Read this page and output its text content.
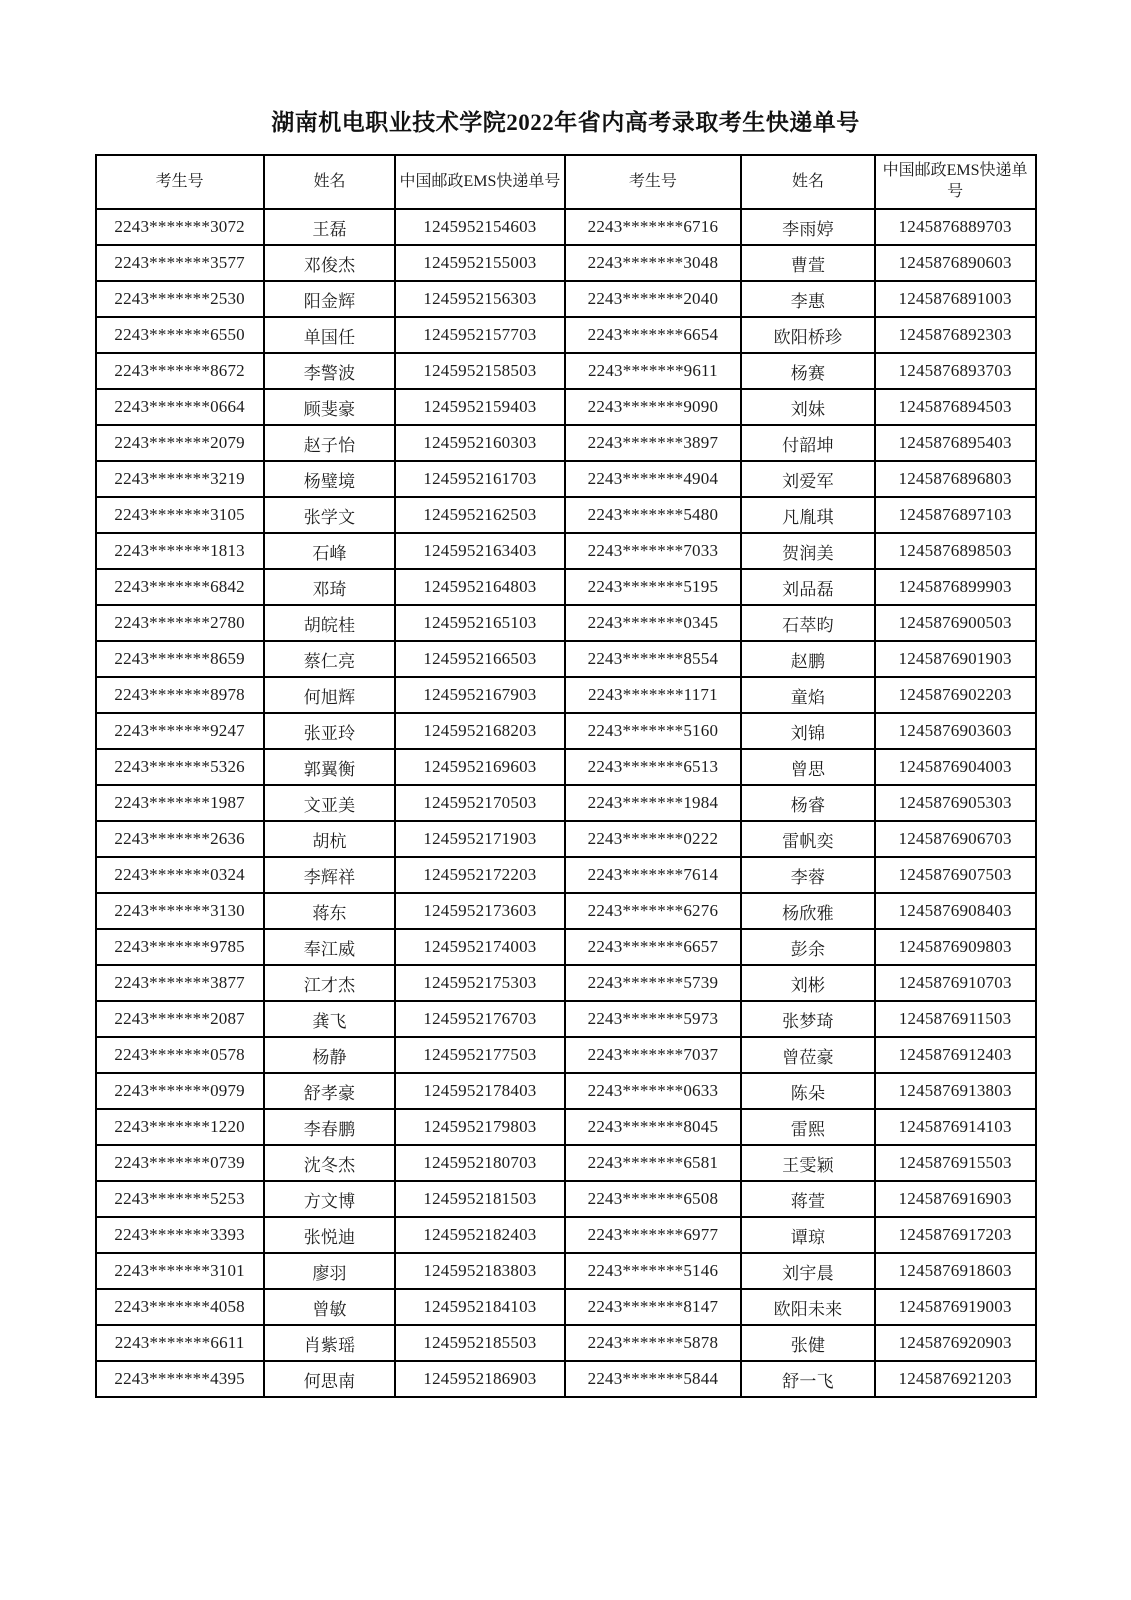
湖南机电职业技术学院2022年省内高考录取考生快递单号
考生号	姓名	中国邮政EMS快递单号	考生号	姓名	中国邮政EMS快递单号
2243*******3072	王磊	1245952154603	2243*******6716	李雨婷	1245876889703
2243*******3577	邓俊杰	1245952155003	2243*******3048	曹萱	1245876890603
2243*******2530	阳金辉	1245952156303	2243*******2040	李惠	1245876891003
2243*******6550	单国任	1245952157703	2243*******6654	欧阳桥珍	1245876892303
2243*******8672	李警波	1245952158503	2243*******9611	杨赛	1245876893703
2243*******0664	顾斐豪	1245952159403	2243*******9090	刘妹	1245876894503
2243*******2079	赵子怡	1245952160303	2243*******3897	付韶坤	1245876895403
2243*******3219	杨璧境	1245952161703	2243*******4904	刘爱军	1245876896803
2243*******3105	张学文	1245952162503	2243*******5480	凡胤琪	1245876897103
2243*******1813	石峰	1245952163403	2243*******7033	贺润美	1245876898503
2243*******6842	邓琦	1245952164803	2243*******5195	刘品磊	1245876899903
2243*******2780	胡皖桂	1245952165103	2243*******0345	石萃昀	1245876900503
2243*******8659	蔡仁亮	1245952166503	2243*******8554	赵鹏	1245876901903
2243*******8978	何旭辉	1245952167903	2243*******1171	童焰	1245876902203
2243*******9247	张亚玲	1245952168203	2243*******5160	刘锦	1245876903603
2243*******5326	郭翼衡	1245952169603	2243*******6513	曾思	1245876904003
2243*******1987	文亚美	1245952170503	2243*******1984	杨睿	1245876905303
2243*******2636	胡杭	1245952171903	2243*******0222	雷帆奕	1245876906703
2243*******0324	李辉祥	1245952172203	2243*******7614	李蓉	1245876907503
2243*******3130	蒋东	1245952173603	2243*******6276	杨欣雅	1245876908403
2243*******9785	奉江威	1245952174003	2243*******6657	彭余	1245876909803
2243*******3877	江才杰	1245952175303	2243*******5739	刘彬	1245876910703
2243*******2087	龚飞	1245952176703	2243*******5973	张梦琦	1245876911503
2243*******0578	杨静	1245952177503	2243*******7037	曾莅豪	1245876912403
2243*******0979	舒孝豪	1245952178403	2243*******0633	陈朵	1245876913803
2243*******1220	李春鹏	1245952179803	2243*******8045	雷熙	1245876914103
2243*******0739	沈冬杰	1245952180703	2243*******6581	王雯颖	1245876915503
2243*******5253	方文博	1245952181503	2243*******6508	蒋萱	1245876916903
2243*******3393	张悦迪	1245952182403	2243*******6977	谭琼	1245876917203
2243*******3101	廖羽	1245952183803	2243*******5146	刘宇晨	1245876918603
2243*******4058	曾敏	1245952184103	2243*******8147	欧阳未来	1245876919003
2243*******6611	肖紫瑶	1245952185503	2243*******5878	张健	1245876920903
2243*******4395	何思南	1245952186903	2243*******5844	舒一飞	1245876921203
